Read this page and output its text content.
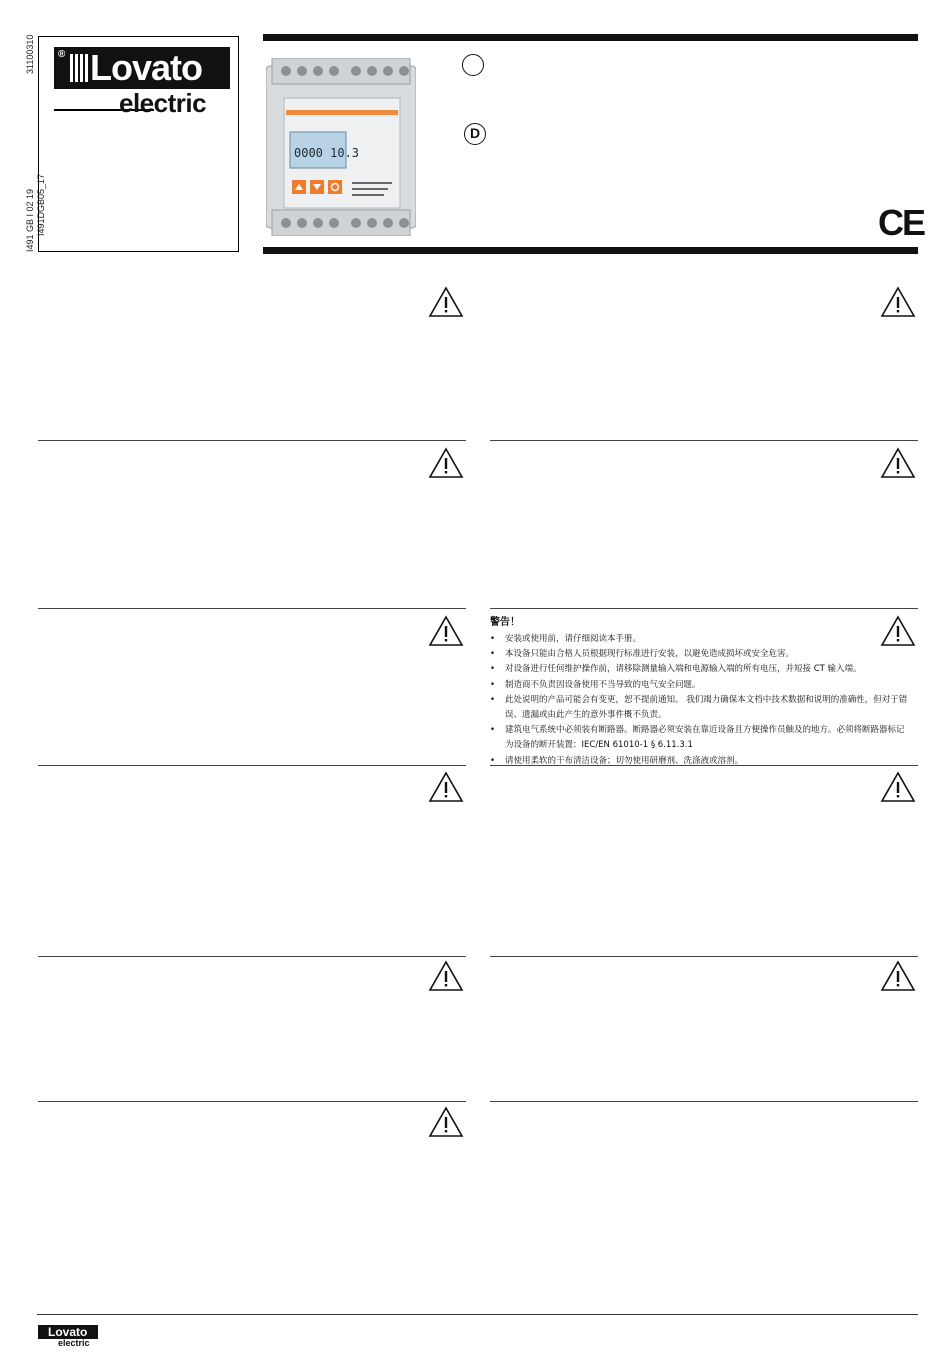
31100310
I491 GB I 02 19 I491DGB05_17
® Lovato
electric
0000 10.3
D
CE
警告！
• 安装或使用前，请仔细阅读本手册。
• 本设备只能由合格人员根据现行标准进行安装，以避免造成损坏或安全危害。
• 对设备进行任何维护操作前，请移除测量输入端和电源输入端的所有电压，并短接 CT 输入端。
• 制造商不负责因设备使用不当导致的电气安全问题。
• 此处说明的产品可能会有变更，恕不提前通知。 我们竭力确保本文档中技术数据和说明的准确性，但对于错误、遗漏或由此产生的意外事件概不负责。
• 建筑电气系统中必须装有断路器。断路器必须安装在靠近设备且方便操作员触及的地方。必须将断路器标记为设备的断开装置：IEC/EN 61010-1 § 6.11.3.1
• 请使用柔软的干布清洁设备；切勿使用研磨剂、洗涤液或溶剂。
Lovato
electric
